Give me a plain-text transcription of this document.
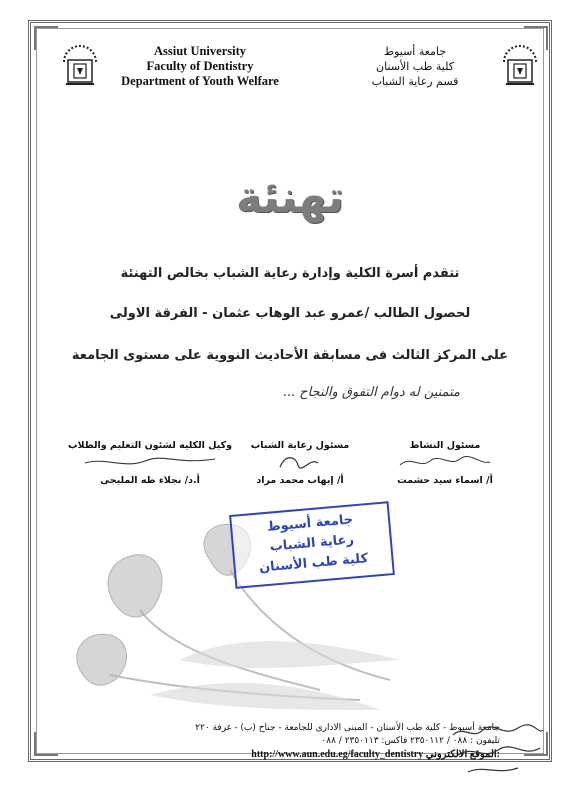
Assiut University
Faculty of Dentistry
Department of Youth Welfare
جامعة أسيوط
كلية طب الأسنان
قسم رعاية الشباب
تهنئة
تتقدم أسرة الكلية وإدارة رعاية الشباب بخالص التهنئة
لحصول الطالب /عمرو عبد الوهاب عثمان - الفرقة الاولى
على المركز الثالث فى مسابقة الأحاديث النووية على مستوى الجامعة
متمنين له دوام التفوق والنجاح ...
مسئول النشاط
أ/ اسماء سيد حشمت
مسئول رعاية الشباب
أ/ إيهاب محمد مراد
وكيل الكليه لشئون التعليم والطلاب
أ.د/ نجلاء طه المليجى
جامعة أسيوط
رعاية الشباب
كلية طب الأسنان
جامعة أسيوط - كلية طب الأسنان - المبنى الادارى للجامعة - جناح (ب) - غرفة ٢٢٠
تليفون : ٠٨٨ / ٢٣٥٠١١٢ فاكس: ٢٣٥٠١١٣ / ٠٨٨
http://www.aun.edu.eg/faculty_dentistry الموقع الالكتروني:
